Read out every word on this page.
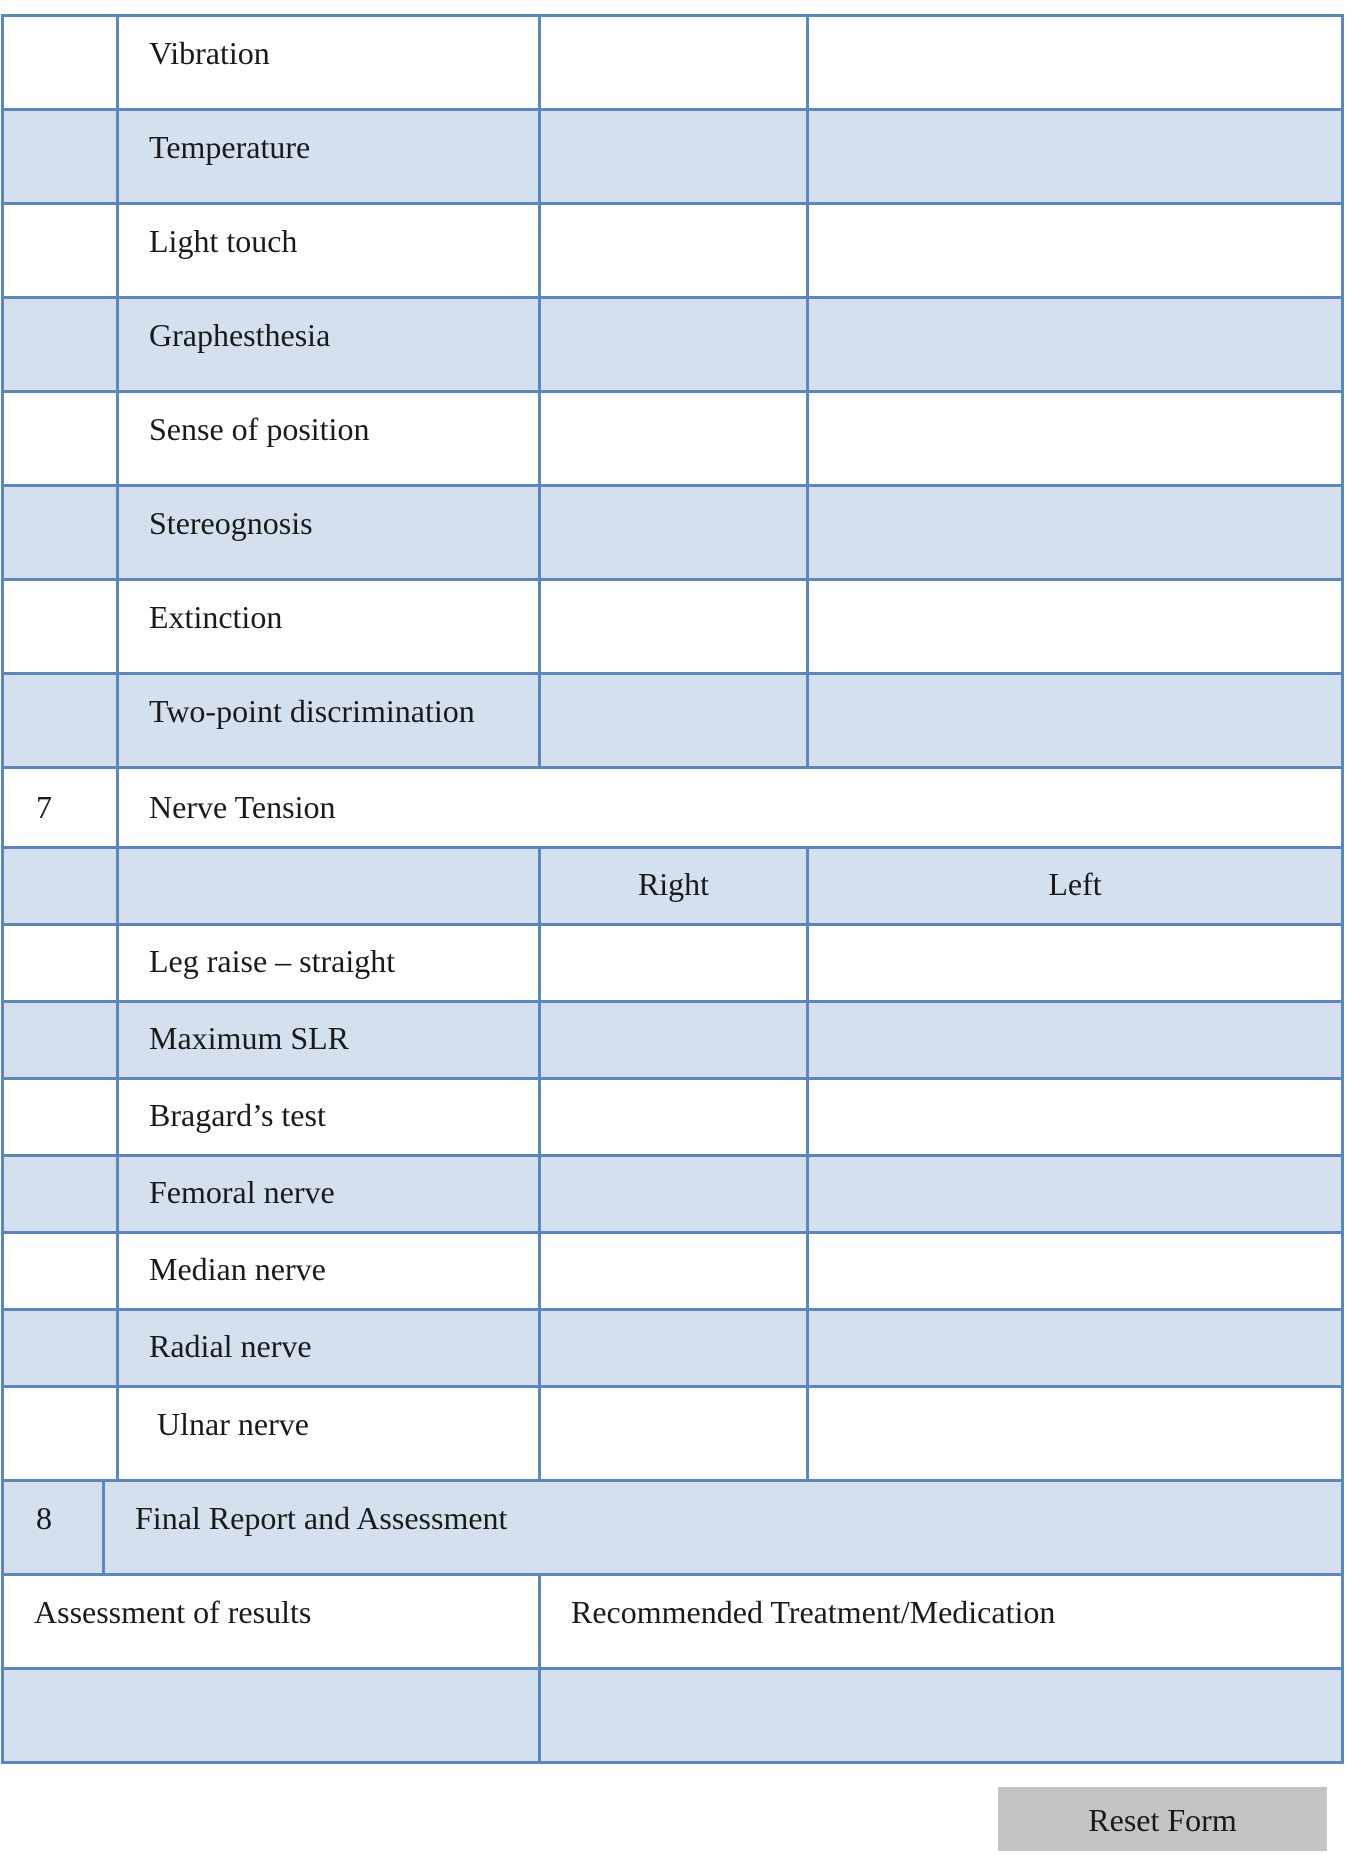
	Vibration		

	Temperature		

	Light touch		

	Graphesthesia		

	Sense of position		

	Stereognosis		

	Extinction		

	Two-point discrimination		

7	Nerve Tension		

		Right	Left

	Leg raise – straight		

	Maximum SLR		

	Bragard’s test		

	Femoral nerve		

	Median nerve		

	Radial nerve		

	Ulnar nerve		

8	Final Report and Assessment	

Assessment of results		Recommended Treatment/Medication

Reset Form
